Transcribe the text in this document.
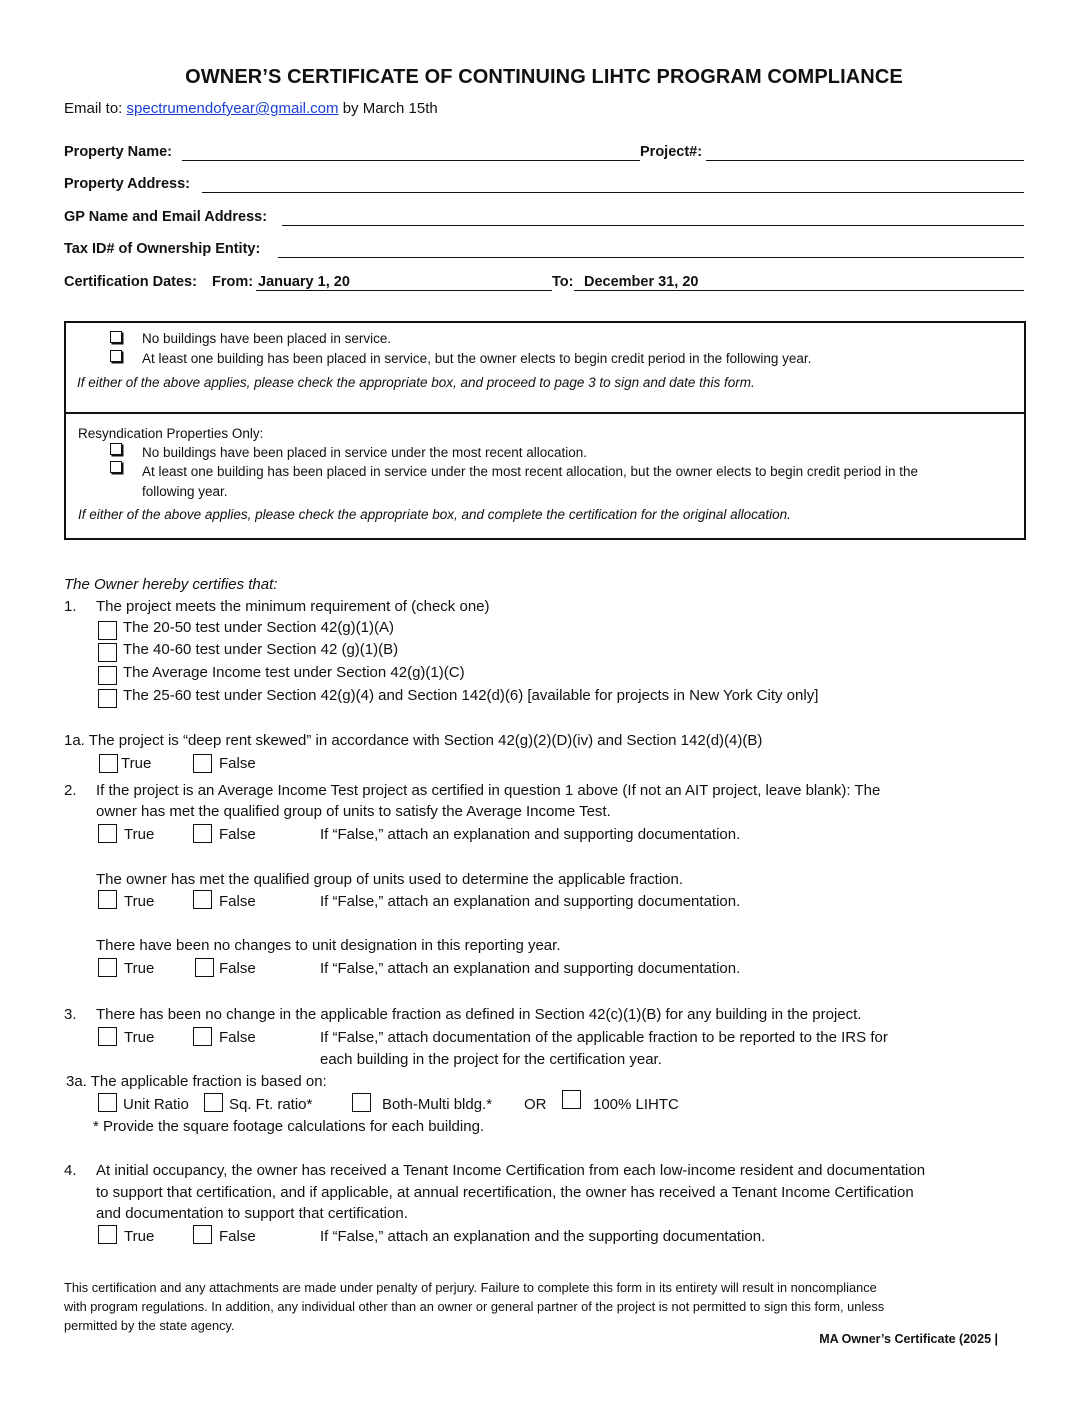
OWNER’S CERTIFICATE OF CONTINUING LIHTC PROGRAM COMPLIANCE
Email to: spectrumendofyear@gmail.com by March 15th
Property Name:	Project#:
Property Address:
GP Name and Email Address:
Tax ID# of Ownership Entity:
Certification Dates: From: January 1, 20	To: December 31, 20
No buildings have been placed in service.
At least one building has been placed in service, but the owner elects to begin credit period in the following year.
If either of the above applies, please check the appropriate box, and proceed to page 3 to sign and date this form.
Resyndication Properties Only:
No buildings have been placed in service under the most recent allocation.
At least one building has been placed in service under the most recent allocation, but the owner elects to begin credit period in the
following year.
If either of the above applies, please check the appropriate box, and complete the certification for the original allocation.
The Owner hereby certifies that:
1. The project meets the minimum requirement of (check one)
The 20-50 test under Section 42(g)(1)(A)
The 40-60 test under Section 42 (g)(1)(B)
The Average Income test under Section 42(g)(1)(C)
The 25-60 test under Section 42(g)(4) and Section 142(d)(6) [available for projects in New York City only]
1a. The project is “deep rent skewed” in accordance with Section 42(g)(2)(D)(iv) and Section 142(d)(4)(B)
True	False
2. If the project is an Average Income Test project as certified in question 1 above (If not an AIT project, leave blank): The
owner has met the qualified group of units to satisfy the Average Income Test.
True	False	If “False,” attach an explanation and supporting documentation.
The owner has met the qualified group of units used to determine the applicable fraction.
True	False	If “False,” attach an explanation and supporting documentation.
There have been no changes to unit designation in this reporting year.
True	False	If “False,” attach an explanation and supporting documentation.
3. There has been no change in the applicable fraction as defined in Section 42(c)(1)(B) for any building in the project.
True	False	If “False,” attach documentation of the applicable fraction to be reported to the IRS for
each building in the project for the certification year.
3a. The applicable fraction is based on:
Unit Ratio	Sq. Ft. ratio*	Both-Multi bldg.* OR	100% LIHTC
* Provide the square footage calculations for each building.
4. At initial occupancy, the owner has received a Tenant Income Certification from each low-income resident and documentation
to support that certification, and if applicable, at annual recertification, the owner has received a Tenant Income Certification
and documentation to support that certification.
True	False	If “False,” attach an explanation and the supporting documentation.
This certification and any attachments are made under penalty of perjury. Failure to complete this form in its entirety will result in noncompliance
with program regulations. In addition, any individual other than an owner or general partner of the project is not permitted to sign this form, unless
permitted by the state agency.
MA Owner’s Certificate (2025 |
